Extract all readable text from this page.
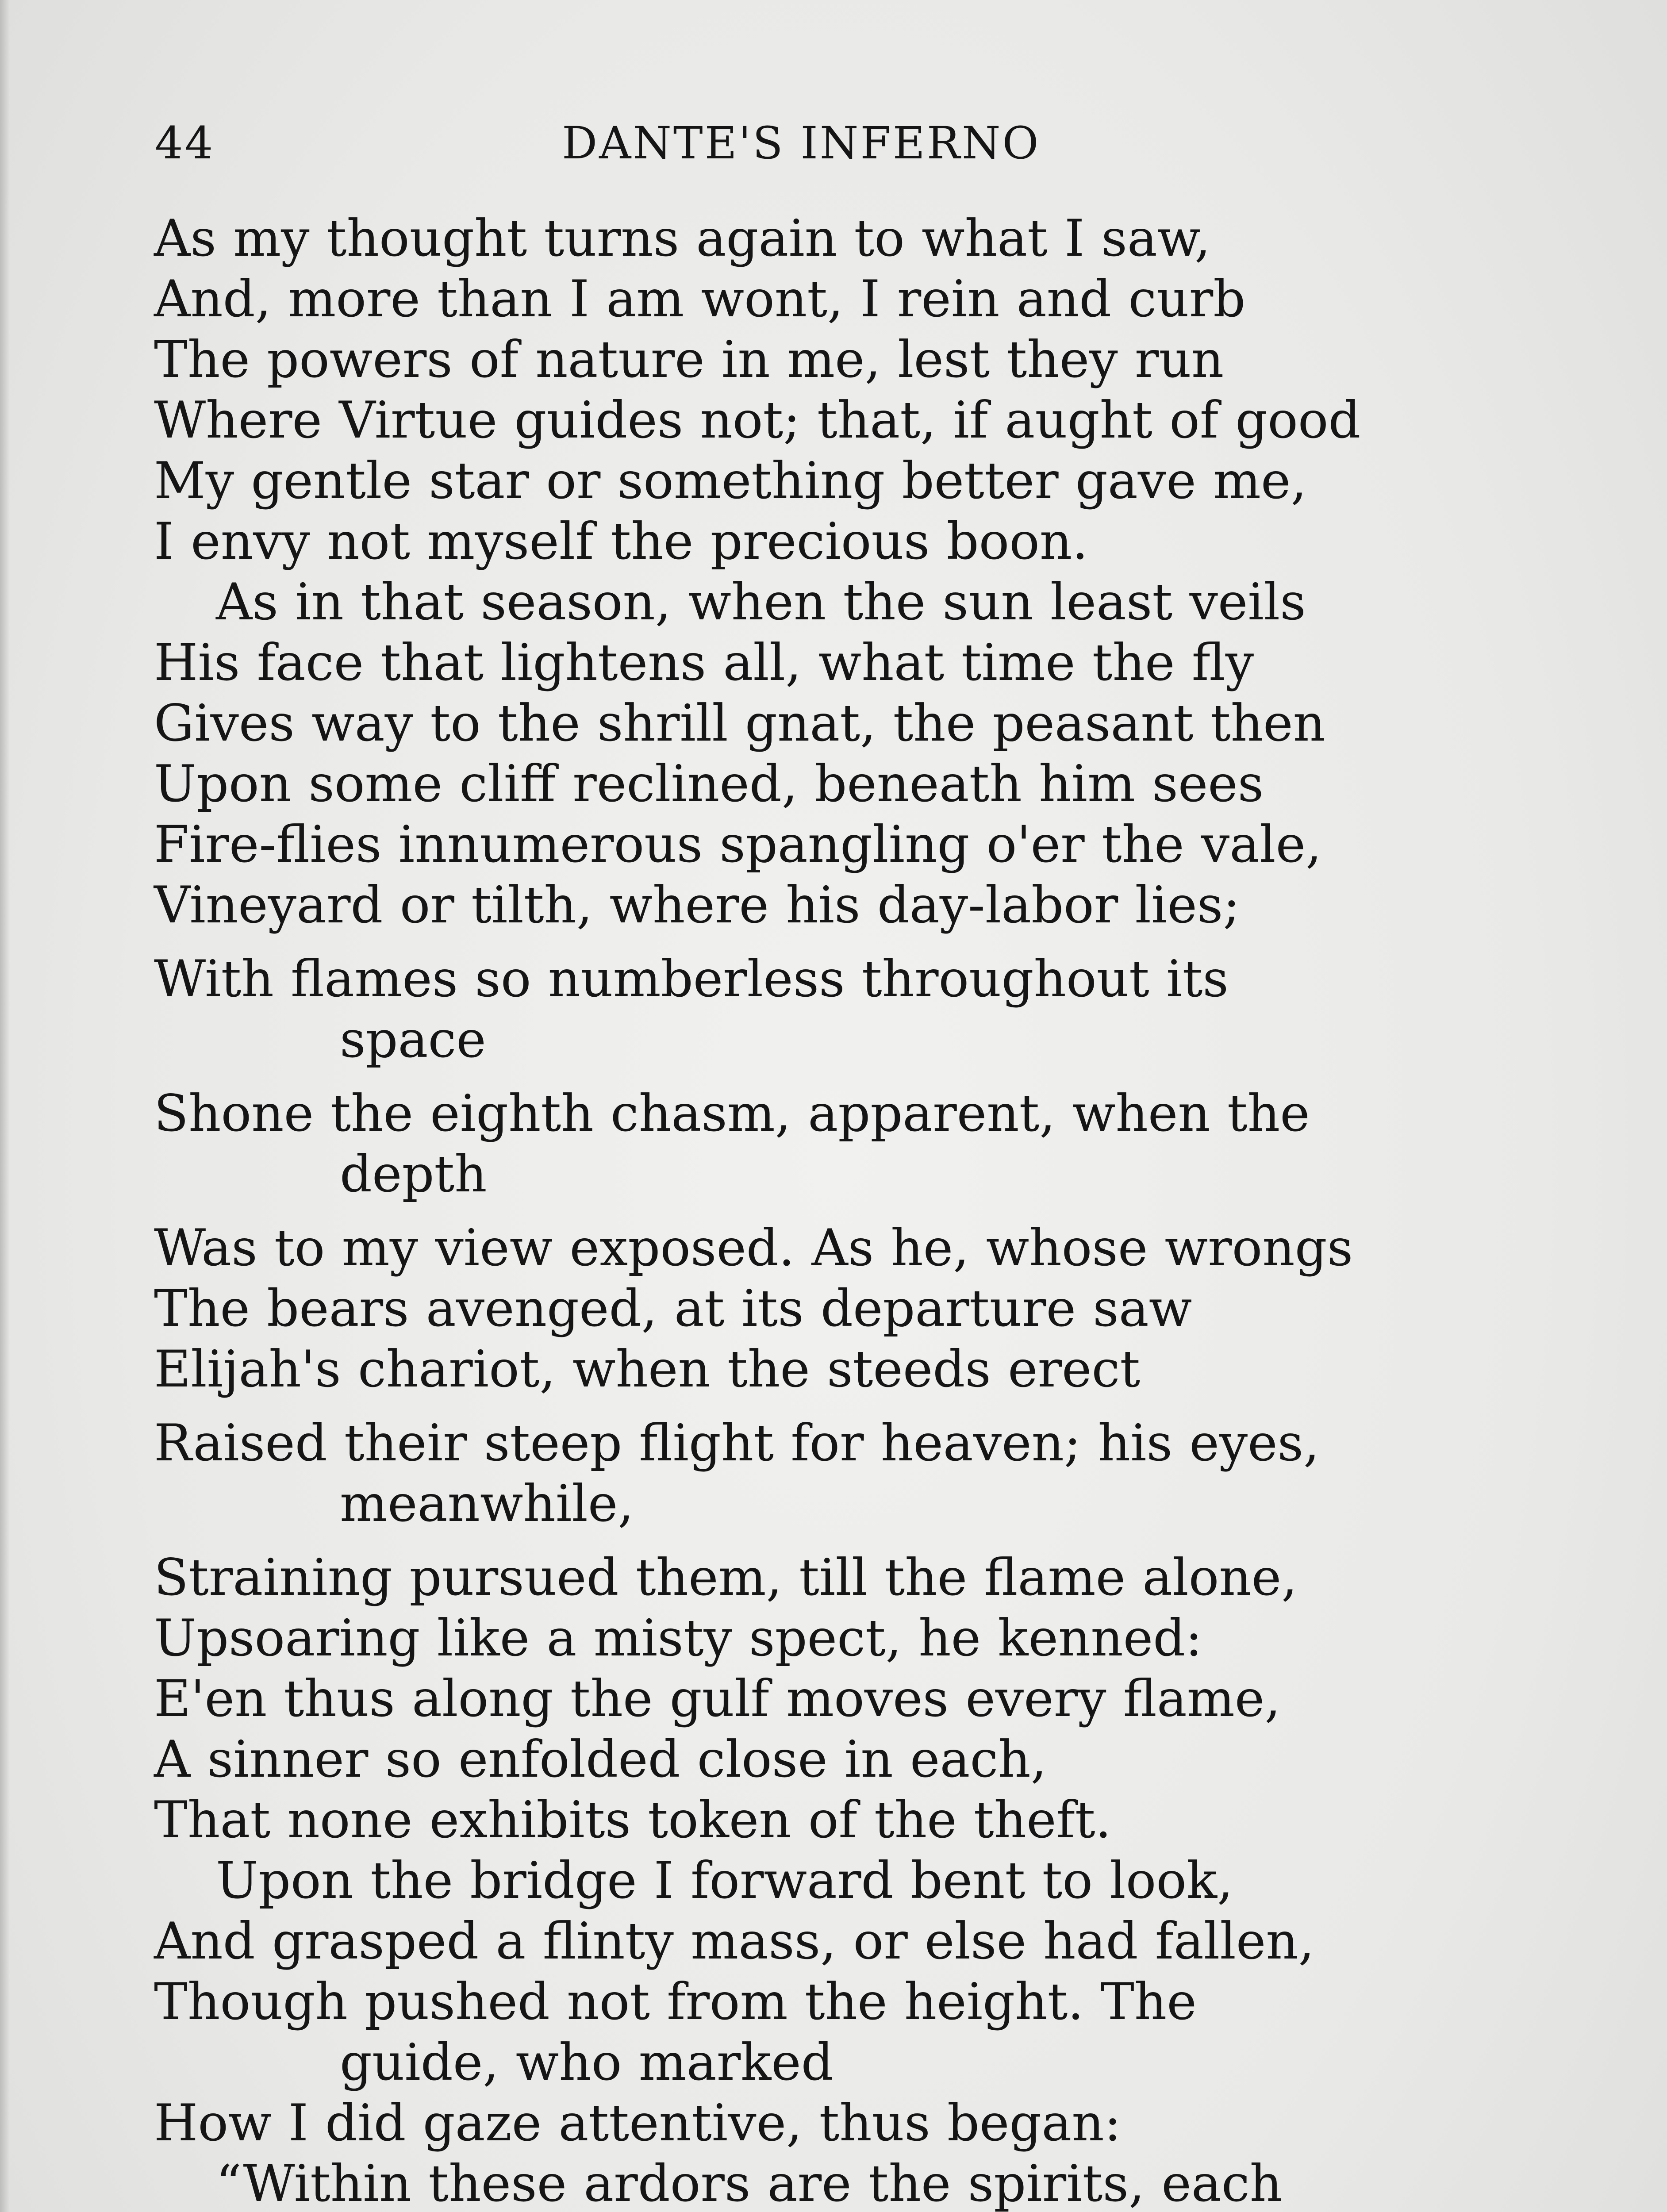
44	DANTE'S INFERNO
As my thought turns again to what I saw,
And, more than I am wont, I rein and curb
The powers of nature in me, lest they run
Where Virtue guides not; that, if aught of good
My gentle star or something better gave me,
I envy not myself the precious boon.
As in that season, when the sun least veils
His face that lightens all, what time the fly
Gives way to the shrill gnat, the peasant then
Upon some cliff reclined, beneath him sees
Fire-flies innumerous spangling o'er the vale,
Vineyard or tilth, where his day-labor lies;
With flames so numberless throughout its
space
Shone the eighth chasm, apparent, when the
depth
Was to my view exposed. As he, whose wrongs
The bears avenged, at its departure saw
Elijah's chariot, when the steeds erect
Raised their steep flight for heaven; his eyes,
meanwhile,
Straining pursued them, till the flame alone,
Upsoaring like a misty spect, he kenned:
E'en thus along the gulf moves every flame,
A sinner so enfolded close in each,
That none exhibits token of the theft.
Upon the bridge I forward bent to look,
And grasped a flinty mass, or else had fallen,
Though pushed not from the height. The
guide, who marked
How I did gaze attentive, thus began:
“Within these ardors are the spirits, each
